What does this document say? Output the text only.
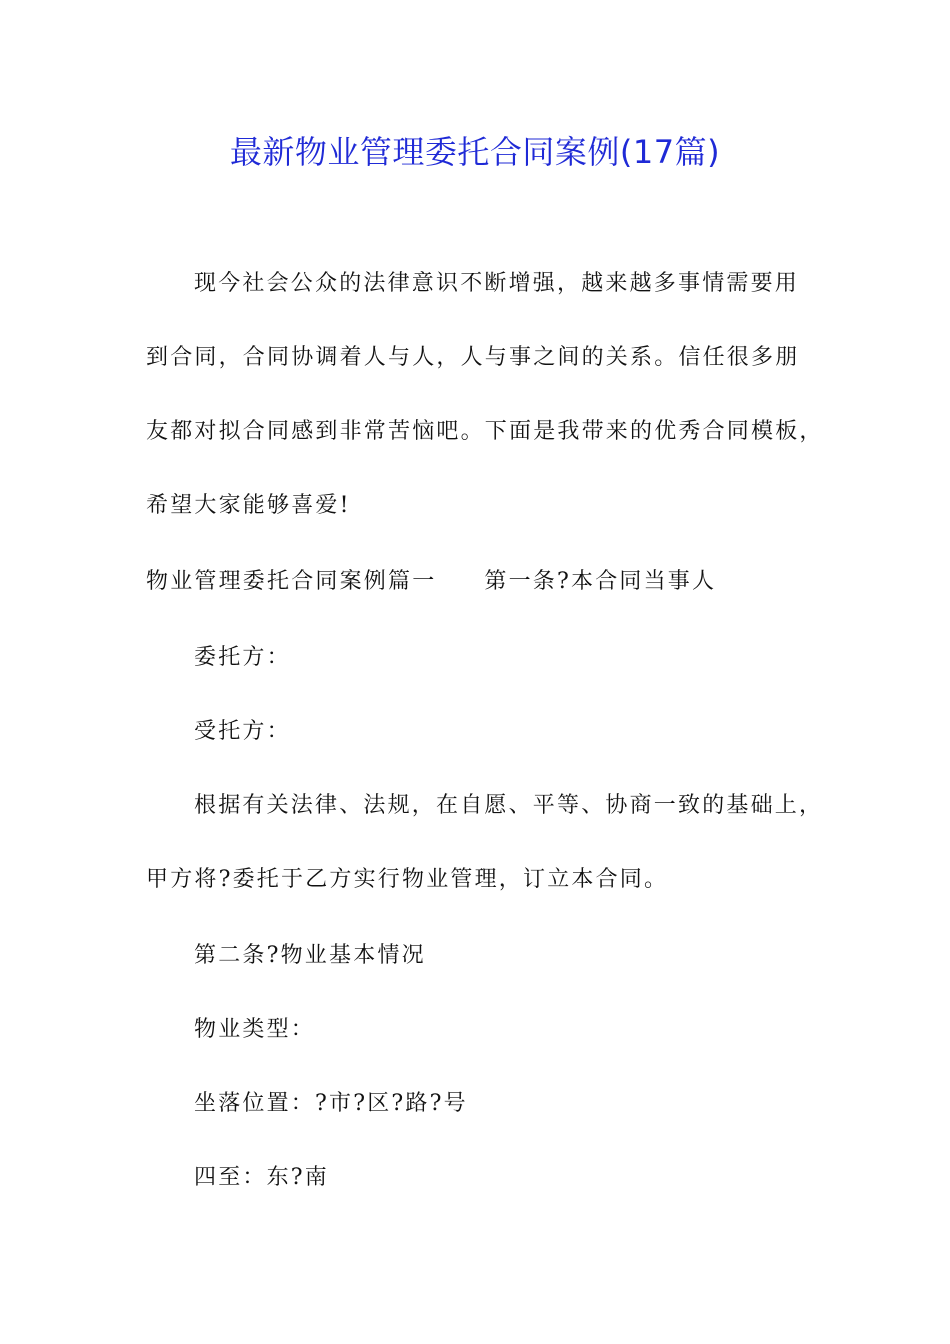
最新物业管理委托合同案例(17篇)
现今社会公众的法律意识不断增强，越来越多事情需要用
到合同，合同协调着人与人，人与事之间的关系。信任很多朋
友都对拟合同感到非常苦恼吧。下面是我带来的优秀合同模板，
希望大家能够喜爱!
物业管理委托合同案例篇一 第一条?本合同当事人
委托方：
受托方：
根据有关法律、法规，在自愿、平等、协商一致的基础上，
甲方将?委托于乙方实行物业管理，订立本合同。
第二条?物业基本情况
物业类型：
坐落位置：?市?区?路?号
四至：东?南
